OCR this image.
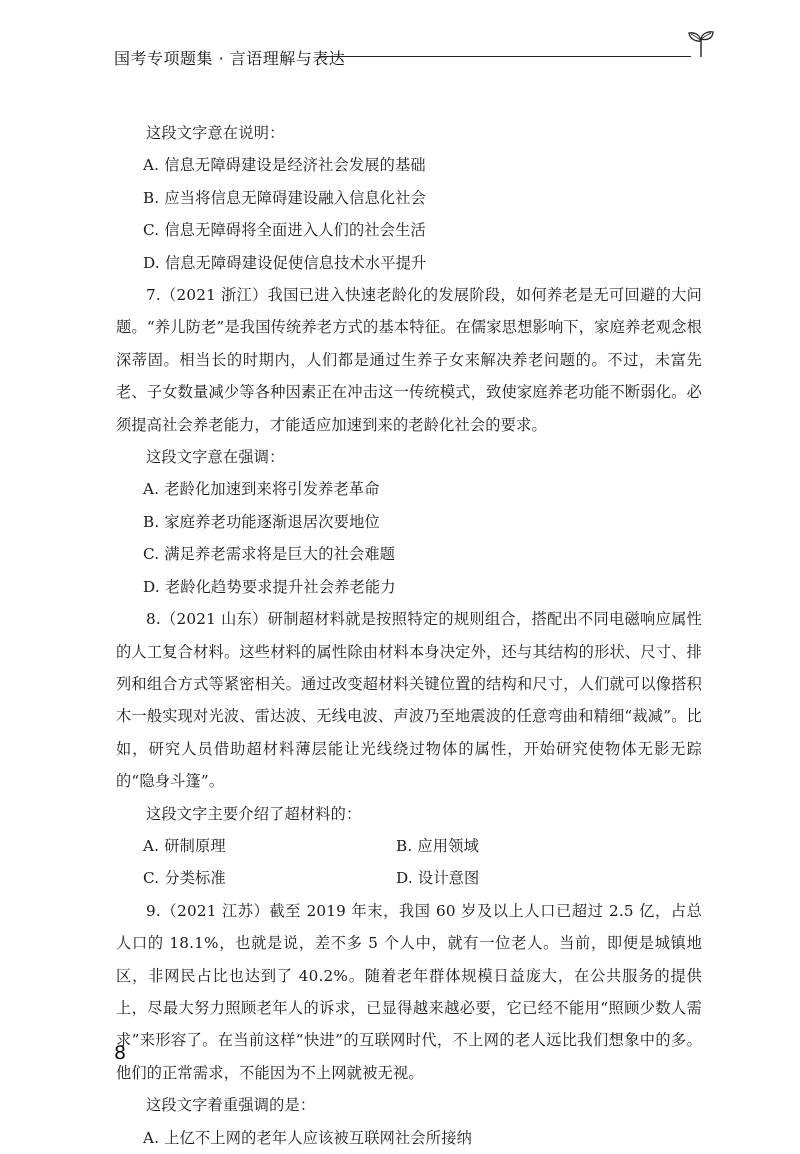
国考专项题集 · 言语理解与表达

这段文字意在说明：

A. 信息无障碍建设是经济社会发展的基础

B. 应当将信息无障碍建设融入信息化社会

C. 信息无障碍将全面进入人们的社会生活

D. 信息无障碍建设促使信息技术水平提升

7.（2021 浙江）我国已进入快速老龄化的发展阶段，如何养老是无可回避的大问题。“养儿防老”是我国传统养老方式的基本特征。在儒家思想影响下，家庭养老观念根深蒂固。相当长的时期内，人们都是通过生养子女来解决养老问题的。不过，未富先老、子女数量减少等各种因素正在冲击这一传统模式，致使家庭养老功能不断弱化。必须提高社会养老能力，才能适应加速到来的老龄化社会的要求。

这段文字意在强调：

A. 老龄化加速到来将引发养老革命

B. 家庭养老功能逐渐退居次要地位

C. 满足养老需求将是巨大的社会难题

D. 老龄化趋势要求提升社会养老能力

8.（2021 山东）研制超材料就是按照特定的规则组合，搭配出不同电磁响应属性的人工复合材料。这些材料的属性除由材料本身决定外，还与其结构的形状、尺寸、排列和组合方式等紧密相关。通过改变超材料关键位置的结构和尺寸，人们就可以像搭积木一般实现对光波、雷达波、无线电波、声波乃至地震波的任意弯曲和精细“裁减”。比如，研究人员借助超材料薄层能让光线绕过物体的属性，开始研究使物体无影无踪的“隐身斗篷”。

这段文字主要介绍了超材料的：

A. 研制原理	B. 应用领域
C. 分类标准	D. 设计意图

9.（2021 江苏）截至 2019 年末，我国 60 岁及以上人口已超过 2.5 亿，占总人口的 18.1%，也就是说，差不多 5 个人中，就有一位老人。当前，即便是城镇地区，非网民占比也达到了 40.2%。随着老年群体规模日益庞大，在公共服务的提供上，尽最大努力照顾老年人的诉求，已显得越来越必要，它已经不能用“照顾少数人需求”来形容了。在当前这样“快进”的互联网时代，不上网的老人远比我们想象中的多。他们的正常需求，不能因为不上网就被无视。

这段文字着重强调的是：

A. 上亿不上网的老年人应该被互联网社会所接纳

8
